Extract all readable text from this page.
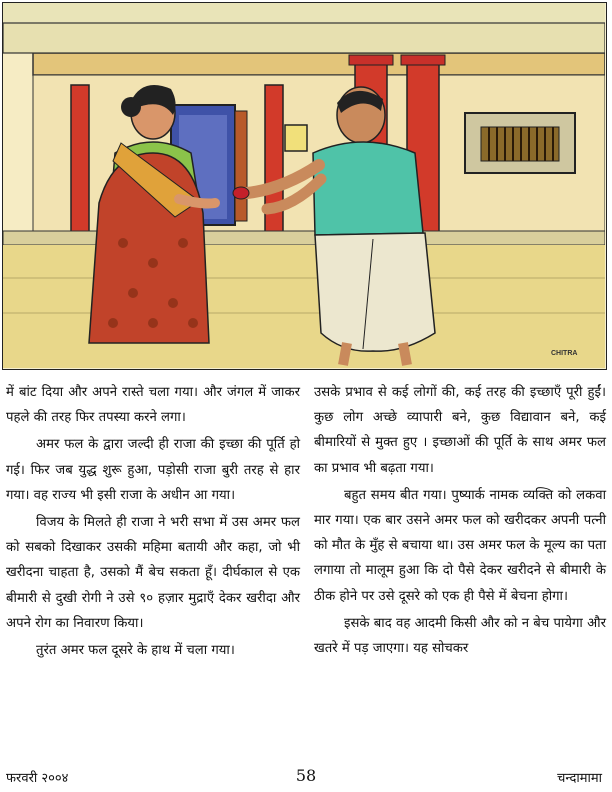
CHITRA

में बांट दिया और अपने रास्ते चला गया। और जंगल में जाकर पहले की तरह फिर तपस्या करने लगा।

अमर फल के द्वारा जल्दी ही राजा की इच्छा की पूर्ति हो गई। फिर जब युद्ध शुरू हुआ, पड़ोसी राजा बुरी तरह से हार गया। वह राज्य भी इसी राजा के अधीन आ गया।

विजय के मिलते ही राजा ने भरी सभा में उस अमर फल को सबको दिखाकर उसकी महिमा बतायी और कहा, जो भी खरीदना चाहता है, उसको मैं बेच सकता हूँ। दीर्घकाल से एक बीमारी से दुखी रोगी ने उसे ९० हज़ार मुद्राएँ देकर खरीदा और अपने रोग का निवारण किया।

तुरंत अमर फल दूसरे के हाथ में चला गया।

उसके प्रभाव से कई लोगों की, कई तरह की इच्छाएँ पूरी हुईं। कुछ लोग अच्छे व्यापारी बने, कुछ विद्यावान बने, कई बीमारियों से मुक्त हुए । इच्छाओं की पूर्ति के साथ अमर फल का प्रभाव भी बढ़ता गया।

बहुत समय बीत गया। पुष्यार्क नामक व्यक्ति को लकवा मार गया। एक बार उसने अमर फल को खरीदकर अपनी पत्नी को मौत के मुँह से बचाया था। उस अमर फल के मूल्य का पता लगाया तो मालूम हुआ कि दो पैसे देकर खरीदने से बीमारी के ठीक होने पर उसे दूसरे को एक ही पैसे में बेचना होगा।

इसके बाद वह आदमी किसी और को न बेच पायेगा और खतरे में पड़ जाएगा। यह सोचकर

फरवरी २००४	58	चन्दामामा
